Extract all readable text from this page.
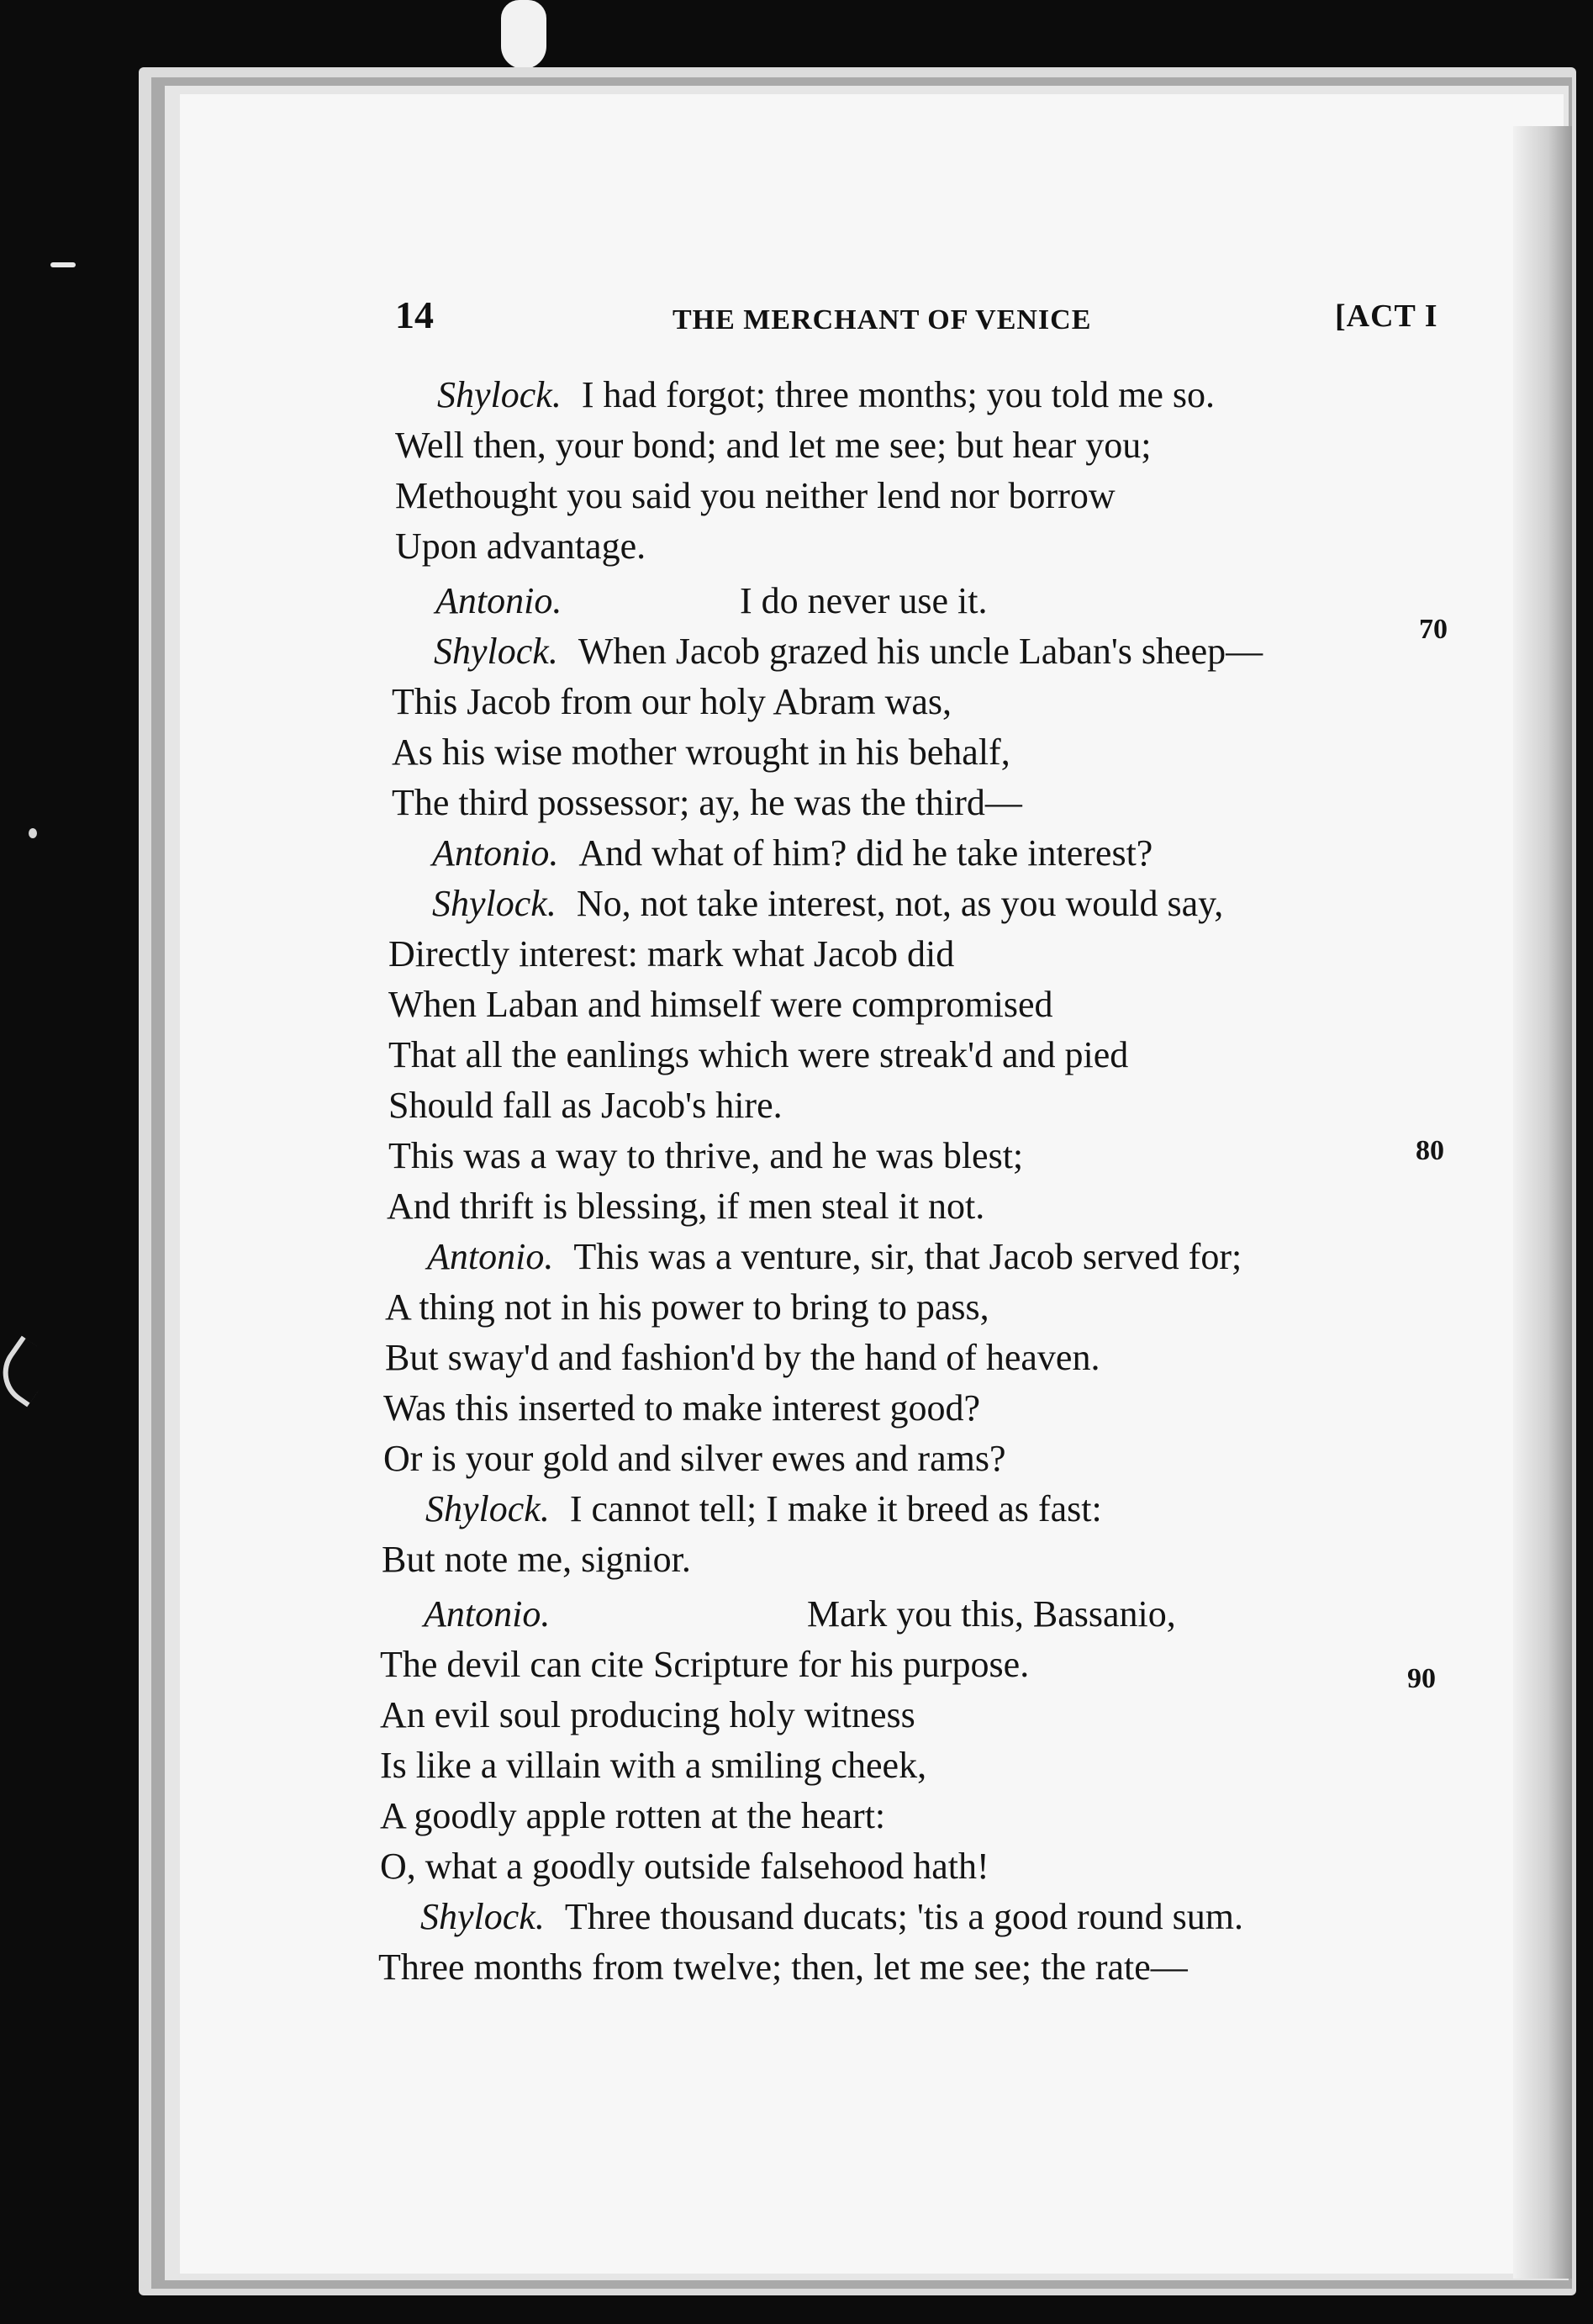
14	THE MERCHANT OF VENICE	[ACT I
Shylock. I had forgot; three months; you told me so.
Well then, your bond; and let me see; but hear you;
Methought you said you neither lend nor borrow
Upon advantage.
Antonio.	I do never use it.
Shylock. When Jacob grazed his uncle Laban's sheep—
This Jacob from our holy Abram was,
As his wise mother wrought in his behalf,
The third possessor; ay, he was the third—
Antonio. And what of him? did he take interest?
Shylock. No, not take interest, not, as you would say,
Directly interest: mark what Jacob did
When Laban and himself were compromised
That all the eanlings which were streak'd and pied
Should fall as Jacob's hire.
This was a way to thrive, and he was blest;
And thrift is blessing, if men steal it not.
Antonio. This was a venture, sir, that Jacob served for;
A thing not in his power to bring to pass,
But sway'd and fashion'd by the hand of heaven.
Was this inserted to make interest good?
Or is your gold and silver ewes and rams?
Shylock. I cannot tell; I make it breed as fast:
But note me, signior.
Antonio.	Mark you this, Bassanio,
The devil can cite Scripture for his purpose.
An evil soul producing holy witness
Is like a villain with a smiling cheek,
A goodly apple rotten at the heart:
O, what a goodly outside falsehood hath!
Shylock. Three thousand ducats; 'tis a good round sum.
Three months from twelve; then, let me see; the rate—
70
80
90
